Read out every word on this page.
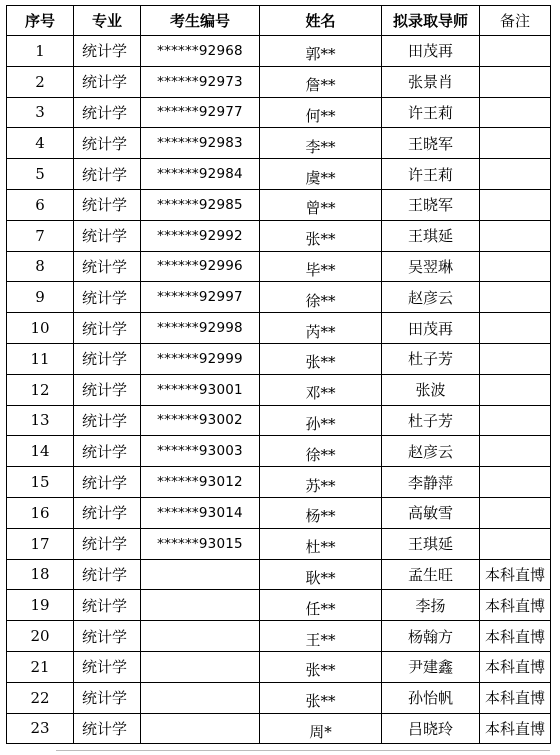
序号	专业	考生编号	姓名	拟录取导师	备注
1	统计学	******92968	郭**	田茂再	
2	统计学	******92973	詹**	张景肖	
3	统计学	******92977	何**	许王莉	
4	统计学	******92983	李**	王晓军	
5	统计学	******92984	虞**	许王莉	
6	统计学	******92985	曾**	王晓军	
7	统计学	******92992	张**	王琪延	
8	统计学	******92996	毕**	吴翌琳	
9	统计学	******92997	徐**	赵彦云	
10	统计学	******92998	芮**	田茂再	
11	统计学	******92999	张**	杜子芳	
12	统计学	******93001	邓**	张波	
13	统计学	******93002	孙**	杜子芳	
14	统计学	******93003	徐**	赵彦云	
15	统计学	******93012	苏**	李静萍	
16	统计学	******93014	杨**	高敏雪	
17	统计学	******93015	杜**	王琪延	
18	统计学		耿**	孟生旺	本科直博
19	统计学		任**	李扬	本科直博
20	统计学		王**	杨翰方	本科直博
21	统计学		张**	尹建鑫	本科直博
22	统计学		张**	孙怡帆	本科直博
23	统计学		周*	吕晓玲	本科直博
